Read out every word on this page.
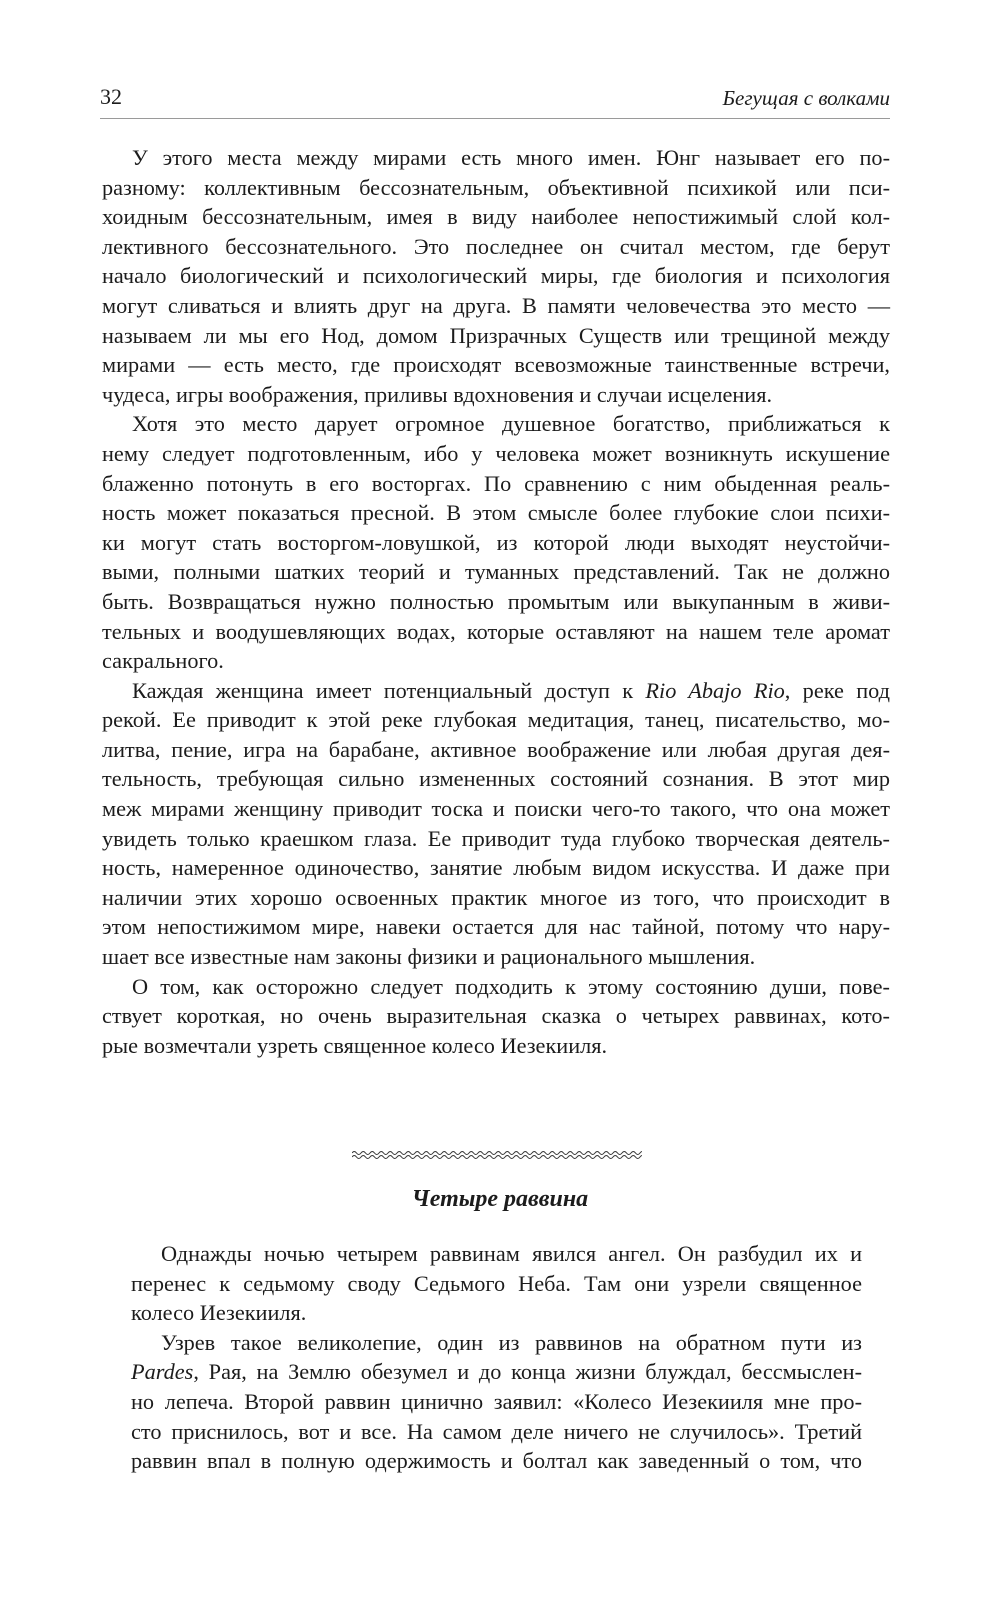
32	Бегущая с волками
У этого места между мирами есть много имен. Юнг называет его по-
разному: коллективным бессознательным, объективной психикой или пси-
хоидным бессознательным, имея в виду наиболее непостижимый слой кол-
лективного бессознательного. Это последнее он считал местом, где берут
начало биологический и психологический миры, где биология и психология
могут сливаться и влиять друг на друга. В памяти человечества это место —
называем ли мы его Нод, домом Призрачных Существ или трещиной между
мирами — есть место, где происходят всевозможные таинственные встречи,
чудеса, игры воображения, приливы вдохновения и случаи исцеления.
Хотя это место дарует огромное душевное богатство, приближаться к
нему следует подготовленным, ибо у человека может возникнуть искушение
блаженно потонуть в его восторгах. По сравнению с ним обыденная реаль-
ность может показаться пресной. В этом смысле более глубокие слои психи-
ки могут стать восторгом-ловушкой, из которой люди выходят неустойчи-
выми, полными шатких теорий и туманных представлений. Так не должно
быть. Возвращаться нужно полностью промытым или выкупанным в живи-
тельных и воодушевляющих водах, которые оставляют на нашем теле аромат
сакрального.
Каждая женщина имеет потенциальный доступ к Rio Abajo Rio, реке под
рекой. Ее приводит к этой реке глубокая медитация, танец, писательство, мо-
литва, пение, игра на барабане, активное воображение или любая другая дея-
тельность, требующая сильно измененных состояний сознания. В этот мир
меж мирами женщину приводит тоска и поиски чего-то такого, что она может
увидеть только краешком глаза. Ее приводит туда глубоко творческая деятель-
ность, намеренное одиночество, занятие любым видом искусства. И даже при
наличии этих хорошо освоенных практик многое из того, что происходит в
этом непостижимом мире, навеки остается для нас тайной, потому что нару-
шает все известные нам законы физики и рационального мышления.
О том, как осторожно следует подходить к этому состоянию души, пове-
ствует короткая, но очень выразительная сказка о четырех раввинах, кото-
рые возмечтали узреть священное колесо Иезекииля.
Четыре раввина
Однажды ночью четырем раввинам явился ангел. Он разбудил их и
перенес к седьмому своду Седьмого Неба. Там они узрели священное
колесо Иезекииля.
Узрев такое великолепие, один из раввинов на обратном пути из
Pardes, Рая, на Землю обезумел и до конца жизни блуждал, бессмыслен-
но лепеча. Второй раввин цинично заявил: «Колесо Иезекииля мне про-
сто приснилось, вот и все. На самом деле ничего не случилось». Третий
раввин впал в полную одержимость и болтал как заведенный о том, что
